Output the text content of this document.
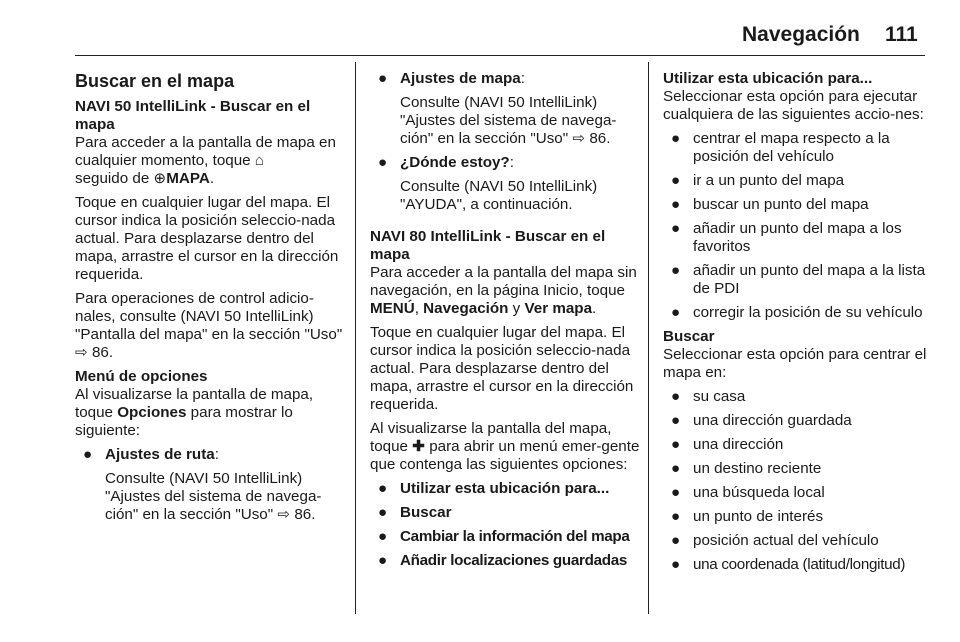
Navegación 111
Buscar en el mapa
NAVI 50 IntelliLink - Buscar en el mapa

Para acceder a la pantalla de mapa en cualquier momento, toque ⌂
seguido de ⊕MAPA.

Toque en cualquier lugar del mapa. El cursor indica la posición seleccio-nada actual. Para desplazarse dentro del mapa, arrastre el cursor en la dirección requerida.

Para operaciones de control adicio-nales, consulte (NAVI 50 IntelliLink) "Pantalla del mapa" en la sección "Uso" ⇨ 86.

Menú de opciones

Al visualizarse la pantalla de mapa, toque Opciones para mostrar lo siguiente:

● Ajustes de ruta:
Consulte (NAVI 50 IntelliLink) "Ajustes del sistema de navega-ción" en la sección "Uso" ⇨ 86.
● Ajustes de mapa:
Consulte (NAVI 50 IntelliLink) "Ajustes del sistema de navega-ción" en la sección "Uso" ⇨ 86.
● ¿Dónde estoy?:
Consulte (NAVI 50 IntelliLink) "AYUDA", a continuación.
NAVI 80 IntelliLink - Buscar en el mapa

Para acceder a la pantalla del mapa sin navegación, en la página Inicio, toque MENÚ, Navegación y Ver mapa.

Toque en cualquier lugar del mapa. El cursor indica la posición seleccio-nada actual. Para desplazarse dentro del mapa, arrastre el cursor en la dirección requerida.

Al visualizarse la pantalla del mapa, toque ✚ para abrir un menú emer-gente que contenga las siguientes opciones:

● Utilizar esta ubicación para...
● Buscar
● Cambiar la información del mapa
● Añadir localizaciones guardadas
Utilizar esta ubicación para...

Seleccionar esta opción para ejecutar cualquiera de las siguientes accio-nes:

● centrar el mapa respecto a la posición del vehículo
● ir a un punto del mapa
● buscar un punto del mapa
● añadir un punto del mapa a los favoritos
● añadir un punto del mapa a la lista de PDI
● corregir la posición de su vehículo
Buscar

Seleccionar esta opción para centrar el mapa en:

● su casa
● una dirección guardada
● una dirección
● un destino reciente
● una búsqueda local
● un punto de interés
● posición actual del vehículo
● una coordenada (latitud/longitud)
